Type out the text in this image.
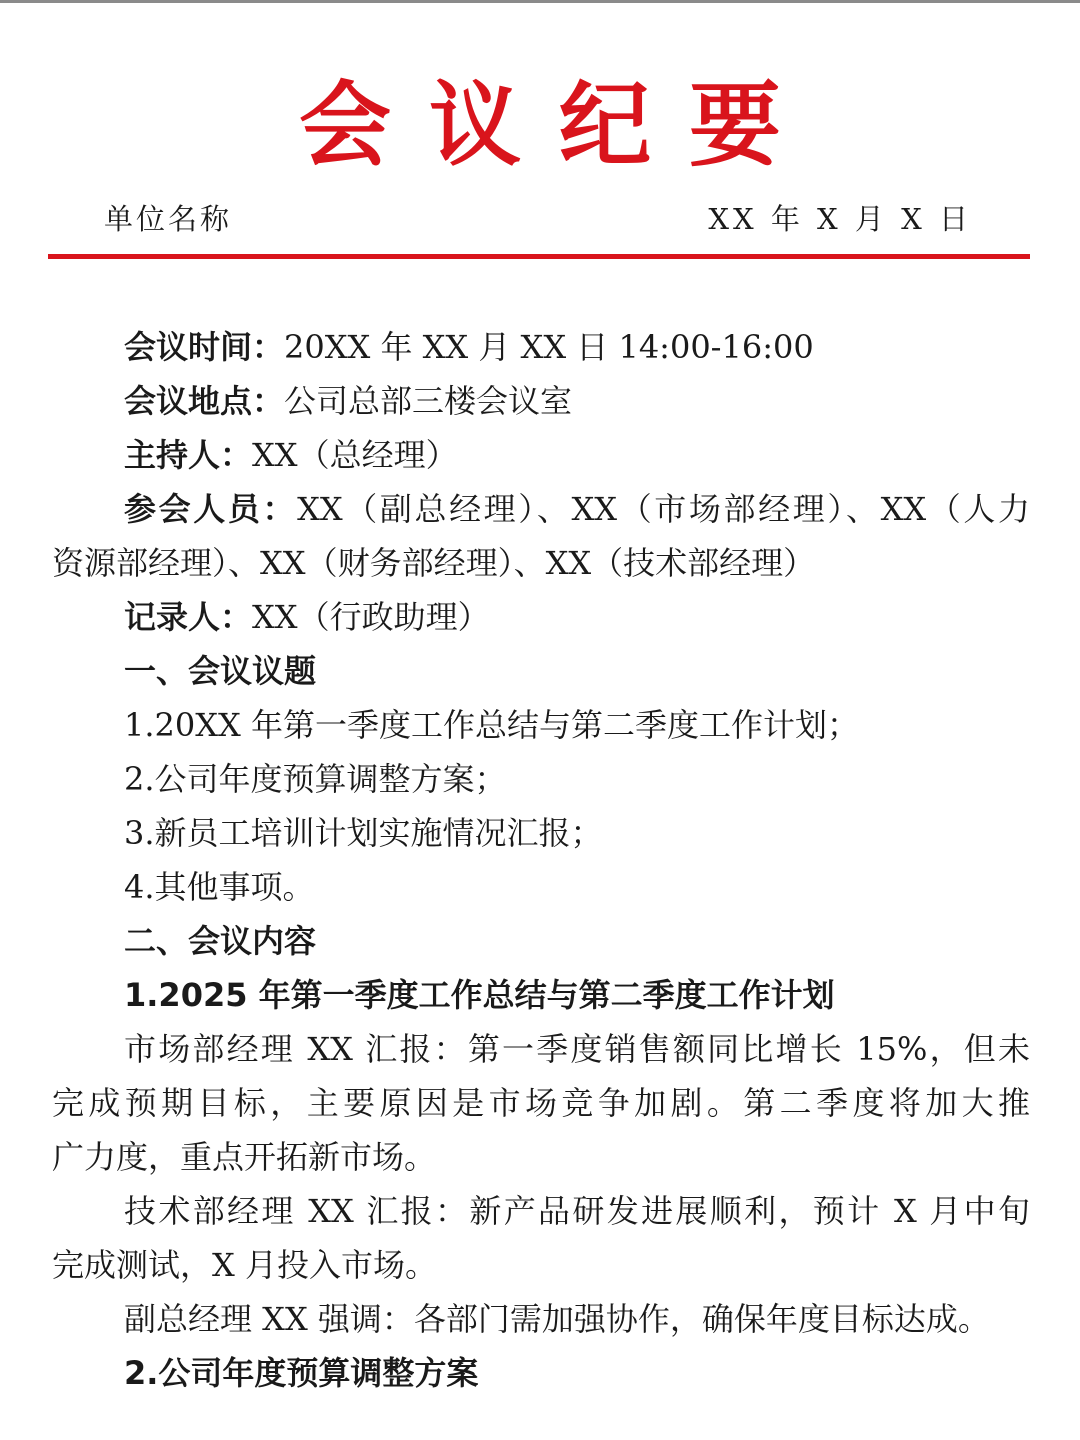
会议纪要
单位名称	XX 年 X 月 X 日
会议时间：20XX 年 XX 月 XX 日 14:00-16:00
会议地点：公司总部三楼会议室
主持人：XX（总经理）
参会人员：XX（副总经理）、XX（市场部经理）、XX（人力
资源部经理）、XX（财务部经理）、XX（技术部经理）
记录人：XX（行政助理）
一、会议议题
1.20XX 年第一季度工作总结与第二季度工作计划；
2.公司年度预算调整方案；
3.新员工培训计划实施情况汇报；
4.其他事项。
二、会议内容
1.2025 年第一季度工作总结与第二季度工作计划
市场部经理 XX 汇报：第一季度销售额同比增长 15%，但未
完成预期目标，主要原因是市场竞争加剧。第二季度将加大推
广力度，重点开拓新市场。
技术部经理 XX 汇报：新产品研发进展顺利，预计 X 月中旬
完成测试，X 月投入市场。
副总经理 XX 强调：各部门需加强协作，确保年度目标达成。
2.公司年度预算调整方案
